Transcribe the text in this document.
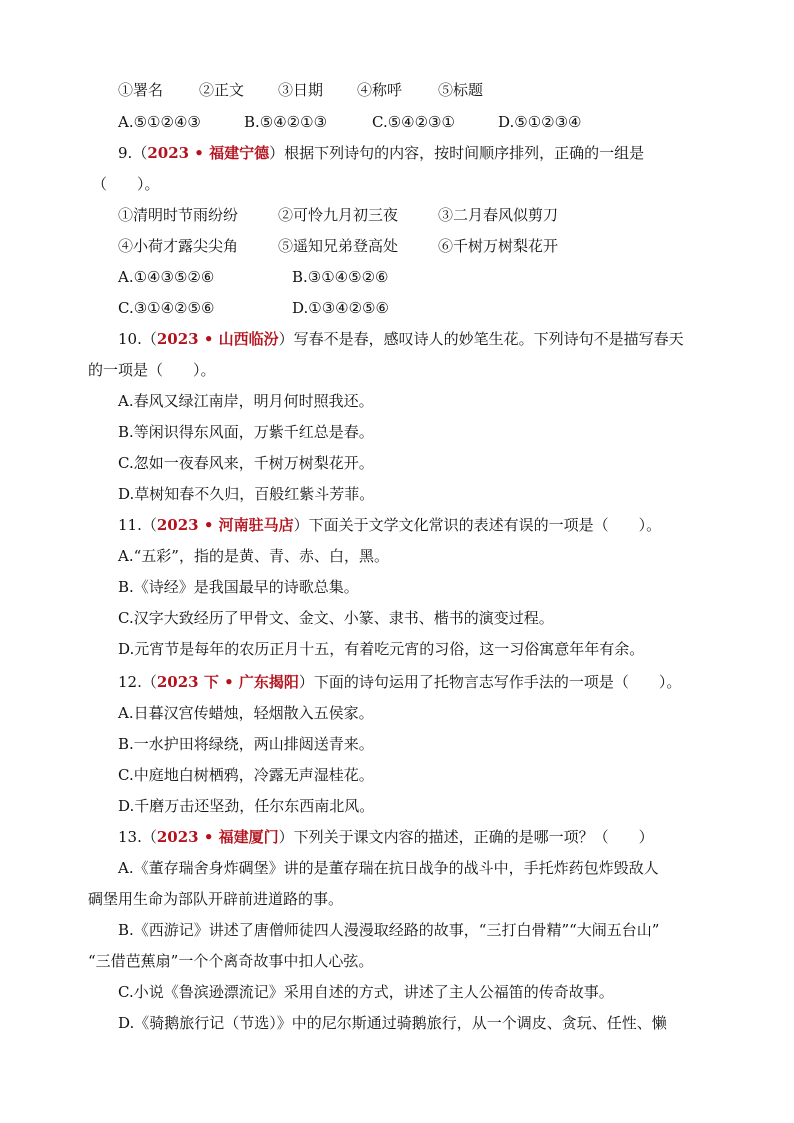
①署名 ②正文 ③日期 ④称呼 ⑤标题
A.⑤①②④③	B.⑤④②①③	C.⑤④②③①	D.⑤①②③④
9.（2023 • 福建宁德）根据下列诗句的内容，按时间顺序排列，正确的一组是
（　　）。
①清明时节雨纷纷	②可怜九月初三夜	③二月春风似剪刀
④小荷才露尖尖角	⑤遥知兄弟登高处	⑥千树万树梨花开
A.①④③⑤②⑥	B.③①④⑤②⑥
C.③①④②⑤⑥	D.①③④②⑤⑥
10.（2023 • 山西临汾）写春不是春，感叹诗人的妙笔生花。下列诗句不是描写春天
的一项是（　　）。
A.春风又绿江南岸，明月何时照我还。
B.等闲识得东风面，万紫千红总是春。
C.忽如一夜春风来，千树万树梨花开。
D.草树知春不久归，百般红紫斗芳菲。
11.（2023 • 河南驻马店）下面关于文学文化常识的表述有误的一项是（　　）。
A.“五彩”，指的是黄、青、赤、白，黑。
B.《诗经》是我国最早的诗歌总集。
C.汉字大致经历了甲骨文、金文、小篆、隶书、楷书的演变过程。
D.元宵节是每年的农历正月十五，有着吃元宵的习俗，这一习俗寓意年年有余。
12.（2023 下 • 广东揭阳）下面的诗句运用了托物言志写作手法的一项是（　　）。
A.日暮汉宫传蜡烛，轻烟散入五侯家。
B.一水护田将绿绕，两山排闼送青来。
C.中庭地白树栖鸦，冷露无声湿桂花。
D.千磨万击还坚劲，任尔东西南北风。
13.（2023 • 福建厦门）下列关于课文内容的描述，正确的是哪一项？（　　）
A.《董存瑞舍身炸碉堡》讲的是董存瑞在抗日战争的战斗中，手托炸药包炸毁敌人
碉堡用生命为部队开辟前进道路的事。
B.《西游记》讲述了唐僧师徒四人漫漫取经路的故事，“三打白骨精”“大闹五台山”
“三借芭蕉扇”一个个离奇故事中扣人心弦。
C.小说《鲁滨逊漂流记》采用自述的方式，讲述了主人公福笛的传奇故事。
D.《骑鹅旅行记（节选）》中的尼尔斯通过骑鹅旅行，从一个调皮、贪玩、任性、懒
